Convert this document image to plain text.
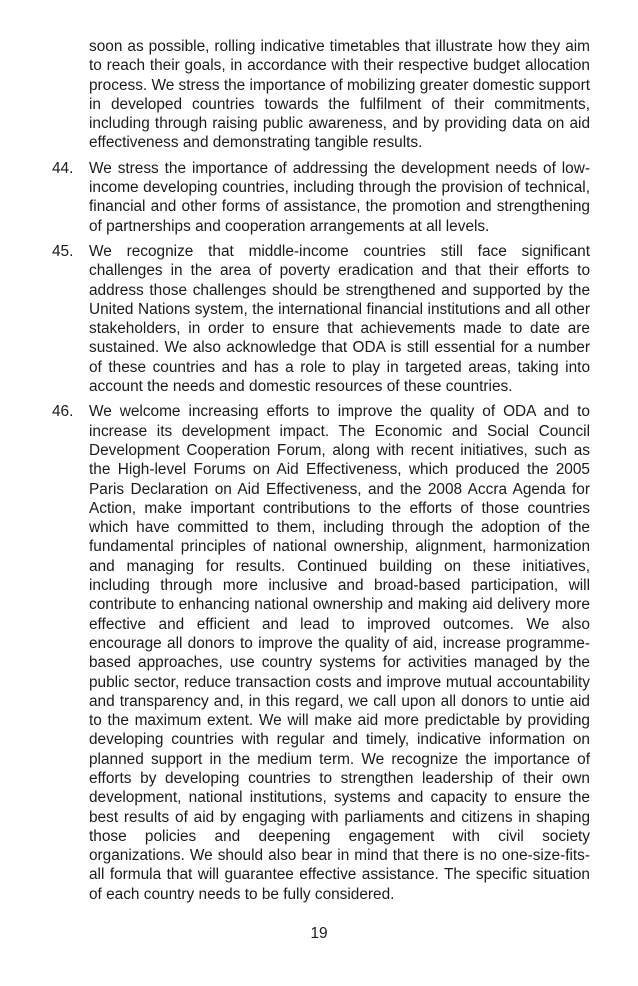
soon as possible, rolling indicative timetables that illustrate how they aim to reach their goals, in accordance with their respective budget allocation process. We stress the importance of mobilizing greater domestic support in developed countries towards the fulfilment of their commitments, including through raising public awareness, and by providing data on aid effectiveness and demonstrating tangible results.

44.	We stress the importance of addressing the development needs of low-income developing countries, including through the provision of technical, financial and other forms of assistance, the promotion and strengthening of partnerships and cooperation arrangements at all levels.

45.	We recognize that middle-income countries still face significant challenges in the area of poverty eradication and that their efforts to address those challenges should be strengthened and supported by the United Nations system, the international financial institutions and all other stakeholders, in order to ensure that achievements made to date are sustained. We also acknowledge that ODA is still essential for a number of these countries and has a role to play in targeted areas, taking into account the needs and domestic resources of these countries.

46.	We welcome increasing efforts to improve the quality of ODA and to increase its development impact. The Economic and Social Council Development Cooperation Forum, along with recent initiatives, such as the High-level Forums on Aid Effectiveness, which produced the 2005 Paris Declaration on Aid Effectiveness, and the 2008 Accra Agenda for Action, make important contributions to the efforts of those countries which have committed to them, including through the adoption of the fundamental principles of national ownership, alignment, harmonization and managing for results. Continued building on these initiatives, including through more inclusive and broad-based participation, will contribute to enhancing national ownership and making aid delivery more effective and efficient and lead to improved outcomes. We also encourage all donors to improve the quality of aid, increase programme-based approaches, use country systems for activities managed by the public sector, reduce transaction costs and improve mutual accountability and transparency and, in this regard, we call upon all donors to untie aid to the maximum extent. We will make aid more predictable by providing developing countries with regular and timely, indicative information on planned support in the medium term. We recognize the importance of efforts by developing countries to strengthen leadership of their own development, national institutions, systems and capacity to ensure the best results of aid by engaging with parliaments and citizens in shaping those policies and deepening engagement with civil society organizations. We should also bear in mind that there is no one-size-fits-all formula that will guarantee effective assistance. The specific situation of each country needs to be fully considered.

19
